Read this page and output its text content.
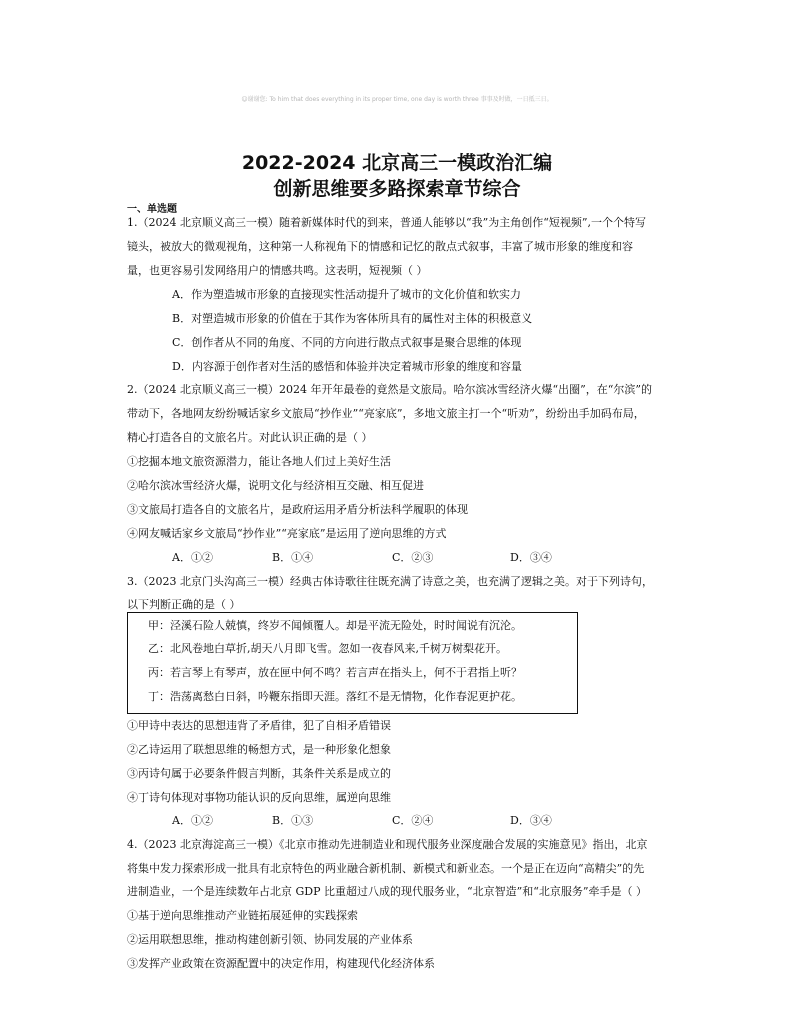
☺谢谢您: To him that does everything in its proper time, one day is worth three 事事及时做，一日抵三日。
2022-2024 北京高三一模政治汇编
创新思维要多路探索章节综合
一、单选题
1.（2024 北京顺义高三一模）随着新媒体时代的到来，普通人能够以“我”为主角创作“短视频”,一个个特写
镜头，被放大的微观视角，这种第一人称视角下的情感和记忆的散点式叙事，丰富了城市形象的维度和容
量，也更容易引发网络用户的情感共鸣。这表明，短视频（ ）
A．作为塑造城市形象的直接现实性活动提升了城市的文化价值和软实力
B．对塑造城市形象的价值在于其作为客体所具有的属性对主体的积极意义
C．创作者从不同的角度、不同的方向进行散点式叙事是聚合思维的体现
D．内容源于创作者对生活的感悟和体验并决定着城市形象的维度和容量
2.（2024 北京顺义高三一模）2024 年开年最卷的竟然是文旅局。哈尔滨冰雪经济火爆“出圈”，在“尔滨”的
带动下，各地网友纷纷喊话家乡文旅局“抄作业”“亮家底”，多地文旅主打一个“听劝”，纷纷出手加码布局，
精心打造各自的文旅名片。对此认识正确的是（ ）
①挖掘本地文旅资源潜力，能让各地人们过上美好生活
②哈尔滨冰雪经济火爆，说明文化与经济相互交融、相互促进
③文旅局打造各自的文旅名片，是政府运用矛盾分析法科学履职的体现
④网友喊话家乡文旅局“抄作业”“亮家底”是运用了逆向思维的方式
A．①②	B．①④	C．②③	D．③④
3.（2023 北京门头沟高三一模）经典古体诗歌往往既充满了诗意之美，也充满了逻辑之美。对于下列诗句，
以下判断正确的是（ ）
甲：泾溪石险人兢慎，终岁不闻倾覆人。却是平流无险处，时时闻说有沉沦。
乙：北风卷地白草折,胡天八月即飞雪。忽如一夜春风来,千树万树梨花开。
丙：若言琴上有琴声，放在匣中何不鸣？若言声在指头上，何不于君指上听？
丁：浩荡离愁白日斜，吟鞭东指即天涯。落红不是无情物，化作春泥更护花。
①甲诗中表达的思想违背了矛盾律，犯了自相矛盾错误
②乙诗运用了联想思维的畅想方式，是一种形象化想象
③丙诗句属于必要条件假言判断，其条件关系是成立的
④丁诗句体现对事物功能认识的反向思维，属逆向思维
A．①②	B．①③	C．②④	D．③④
4.（2023 北京海淀高三一模）《北京市推动先进制造业和现代服务业深度融合发展的实施意见》指出，北京
将集中发力探索形成一批具有北京特色的两业融合新机制、新模式和新业态。一个是正在迈向“高精尖”的先
进制造业，一个是连续数年占北京 GDP 比重超过八成的现代服务业，“北京智造”和“北京服务”牵手是（ ）
①基于逆向思维推动产业链拓展延伸的实践探索
②运用联想思维，推动构建创新引领、协同发展的产业体系
③发挥产业政策在资源配置中的决定作用，构建现代化经济体系
